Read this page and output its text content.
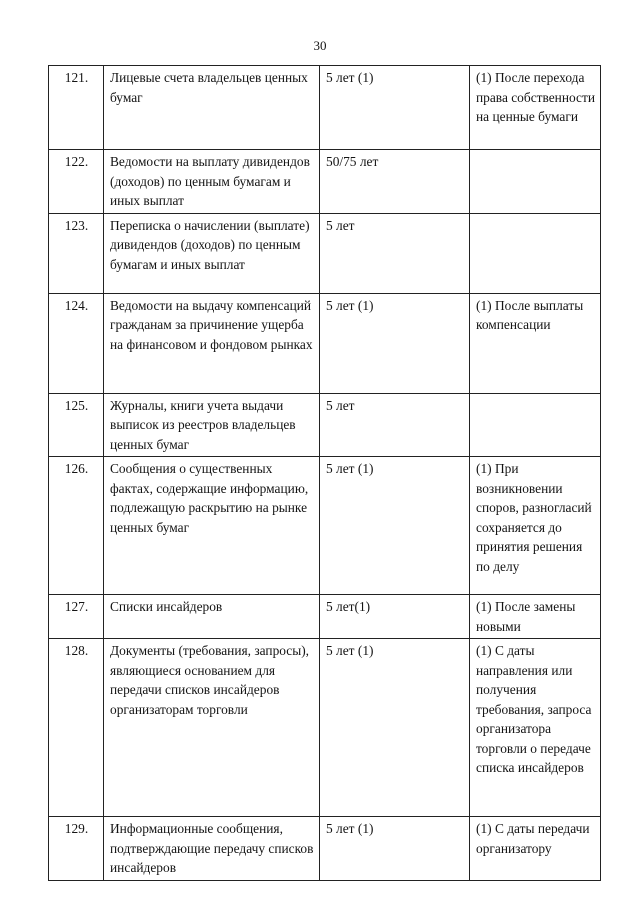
30
121.	Лицевые счета владельцев ценных бумаг	5 лет (1)	(1) После перехода права собственности на ценные бумаги
122.	Ведомости на выплату дивидендов (доходов) по ценным бумагам и иных выплат	50/75 лет	
123.	Переписка о начислении (выплате) дивидендов (доходов) по ценным бумагам и иных выплат	5 лет	
124.	Ведомости на выдачу компенсаций гражданам за причинение ущерба на финансовом и фондовом рынках	5 лет (1)	(1) После выплаты компенсации
125.	Журналы, книги учета выдачи выписок из реестров владельцев ценных бумаг	5 лет	
126.	Сообщения о существенных фактах, содержащие информацию, подлежащую раскрытию на рынке ценных бумаг	5 лет (1)	(1) При возникновении споров, разногласий сохраняется до принятия решения по делу
127.	Списки инсайдеров	5 лет(1)	(1) После замены новыми
128.	Документы (требования, запросы), являющиеся основанием для передачи списков инсайдеров организаторам торговли	5 лет (1)	(1) С даты направления или получения требования, запроса организатора торговли о передаче списка инсайдеров
129.	Информационные сообщения, подтверждающие передачу списков инсайдеров	5 лет (1)	(1) С даты передачи организатору
